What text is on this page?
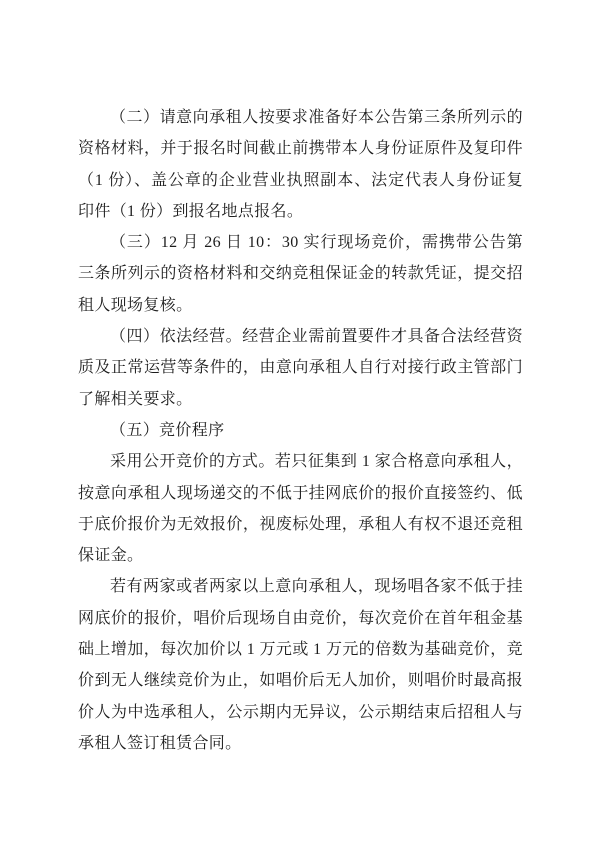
（二）请意向承租人按要求准备好本公告第三条所列示的资格材料，并于报名时间截止前携带本人身份证原件及复印件（1 份）、盖公章的企业营业执照副本、法定代表人身份证复印件（1 份）到报名地点报名。

（三）12 月 26 日 10：30 实行现场竞价，需携带公告第三条所列示的资格材料和交纳竞租保证金的转款凭证，提交招租人现场复核。

（四）依法经营。经营企业需前置要件才具备合法经营资质及正常运营等条件的，由意向承租人自行对接行政主管部门了解相关要求。

（五）竞价程序

采用公开竞价的方式。若只征集到 1 家合格意向承租人，按意向承租人现场递交的不低于挂网底价的报价直接签约、低于底价报价为无效报价，视废标处理，承租人有权不退还竞租保证金。

若有两家或者两家以上意向承租人，现场唱各家不低于挂网底价的报价，唱价后现场自由竞价，每次竞价在首年租金基础上增加，每次加价以 1 万元或 1 万元的倍数为基础竞价，竞价到无人继续竞价为止，如唱价后无人加价，则唱价时最高报价人为中选承租人，公示期内无异议，公示期结束后招租人与承租人签订租赁合同。
